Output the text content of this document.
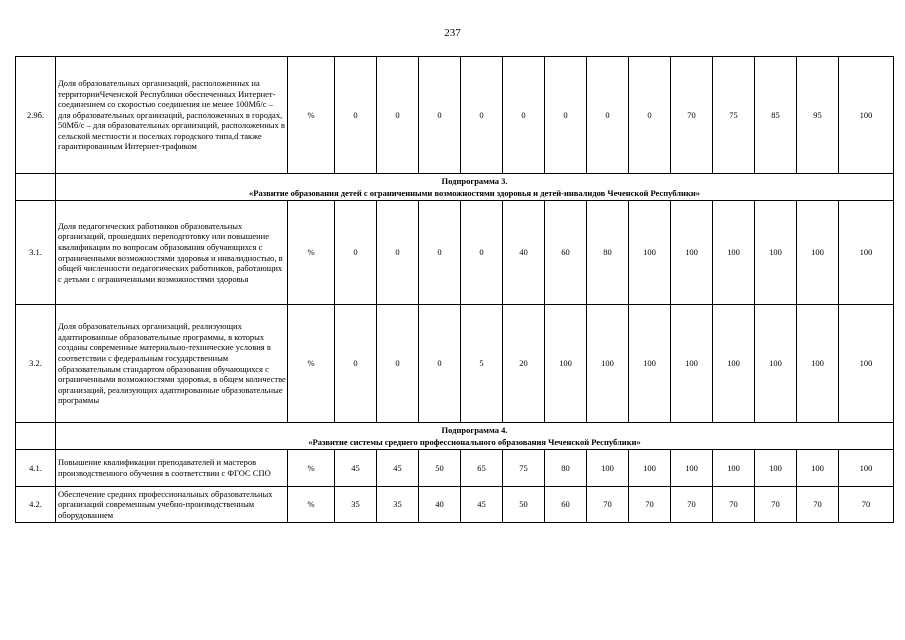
237
2.9б.	Доля образовательных организаций, расположенных на территорииЧеченской Республики обеспеченных Интернет-соединением со скоростью соединения не менее 100Мб/с – для образовательных организаций, расположенных в городах, 50Мб/с – для образовательных организаций, расположенных в сельской местности и поселках городского типа,d также гарантированным Интернет-трафиком	%	0	0	0	0	0	0	0	0	70	75	85	95	100

	Подпрограмма 3.
«Развитие образования детей с ограниченными возможностями здоровья и детей-инвалидов Чеченской Республики»														

3.1.	Доля педагогических работников образовательных организаций, прошедших переподготовку или повышение квалификации по вопросам образования обучающихся с ограниченными возможностями здоровья и инвалидностью, в общей численности педагогических работников, работающих с детьми с ограниченными возможностями здоровья	%	0	0	0	0	40	60	80	100	100	100	100	100	100
3.2.	Доля образовательных организаций, реализующих адаптированные образовательные программы, в которых созданы современные материально-технические условия в соответствии с федеральным государственным образовательным стандартом образования обучающихся с ограниченными возможностями здоровья, в общем количестве организаций, реализующих адаптированные образовательные программы	%	0	0	0	5	20	100	100	100	100	100	100	100	100

	Подпрограмма 4.
«Развитие системы среднего профессионального образования Чеченской Республики»														

4.1.	Повышение квалификации преподавателей и мастеров производственного обучения в соответствии с ФГОС СПО	%	45	45	50	65	75	80	100	100	100	100	100	100	100
4.2.	Обеспечение средних профессиональных образовательных организаций современным учебно-производственным оборудованием	%	35	35	40	45	50	60	70	70	70	70	70	70	70
